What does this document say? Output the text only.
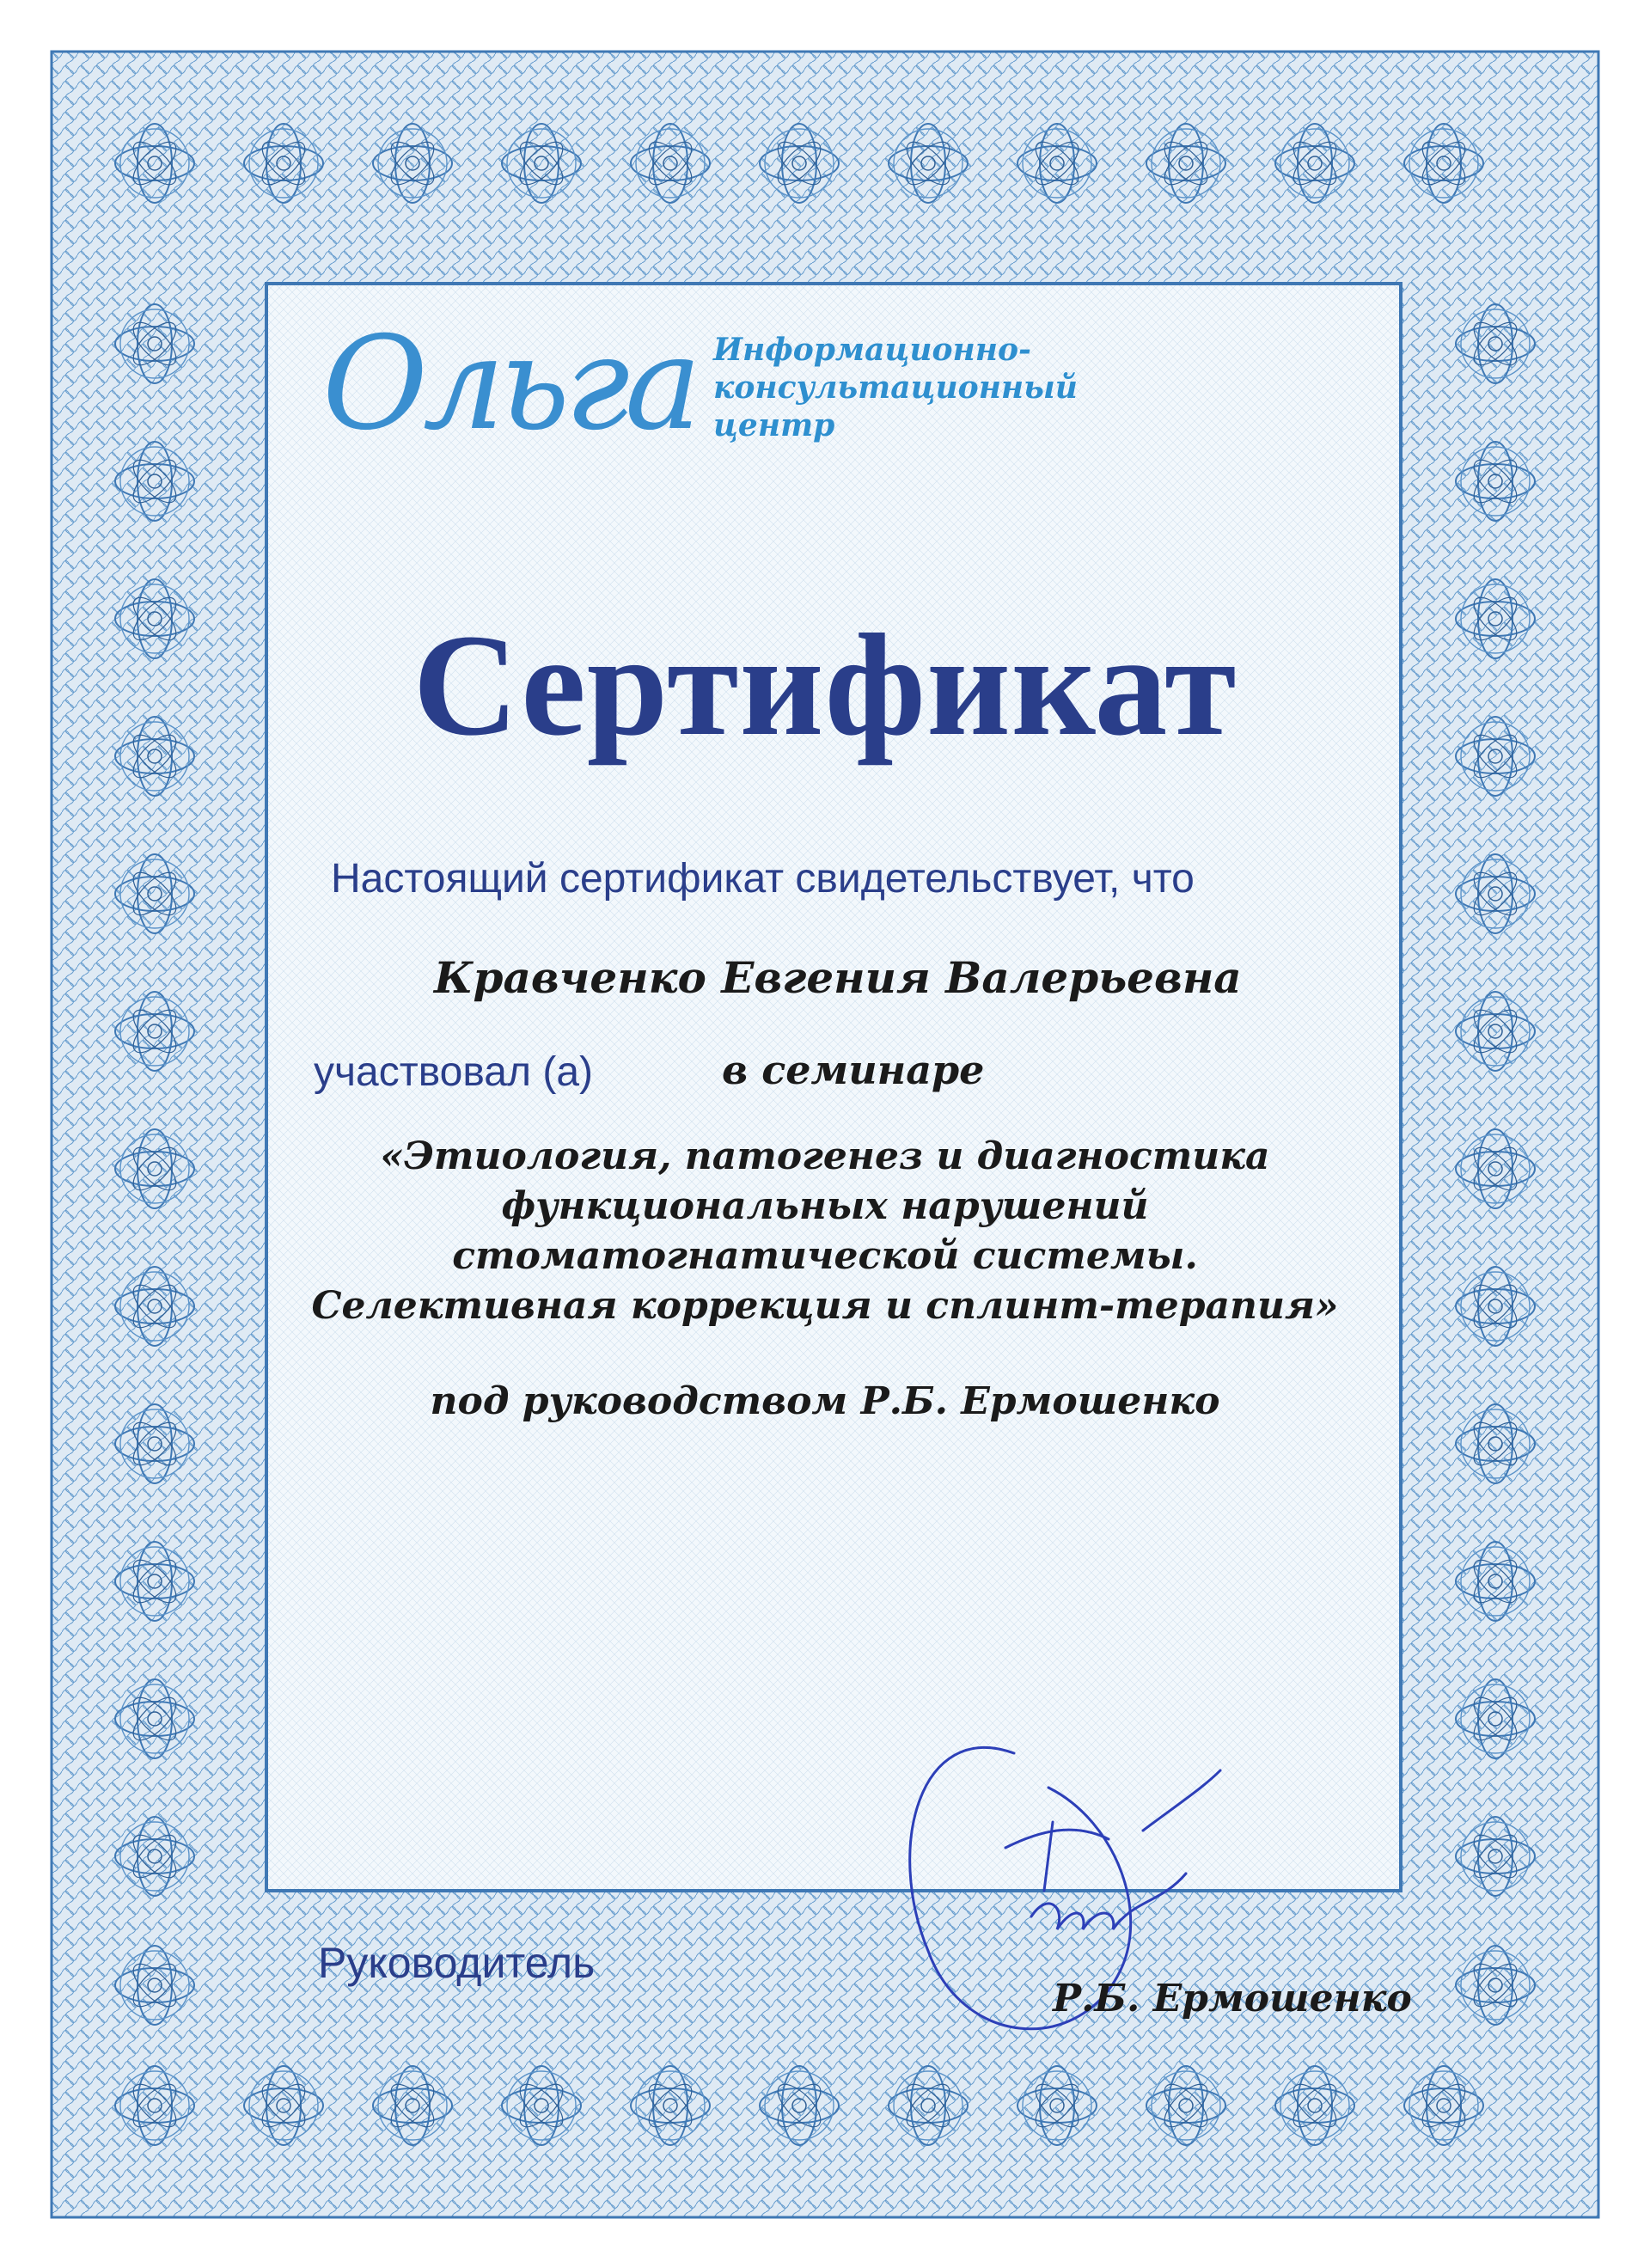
Ольга Информационно-
консультационный
центр
Сертификат
Настоящий сертификат свидетельствует, что
Кравченко Евгения Валерьевна
участвовал (а)	в семинаре
«Этиология, патогенез и диагностика
функциональных нарушений
стоматогнатической системы.
Селективная коррекция и сплинт-терапия»
под руководством Р.Б. Ермошенко
Руководитель
Р.Б. Ермошенко
